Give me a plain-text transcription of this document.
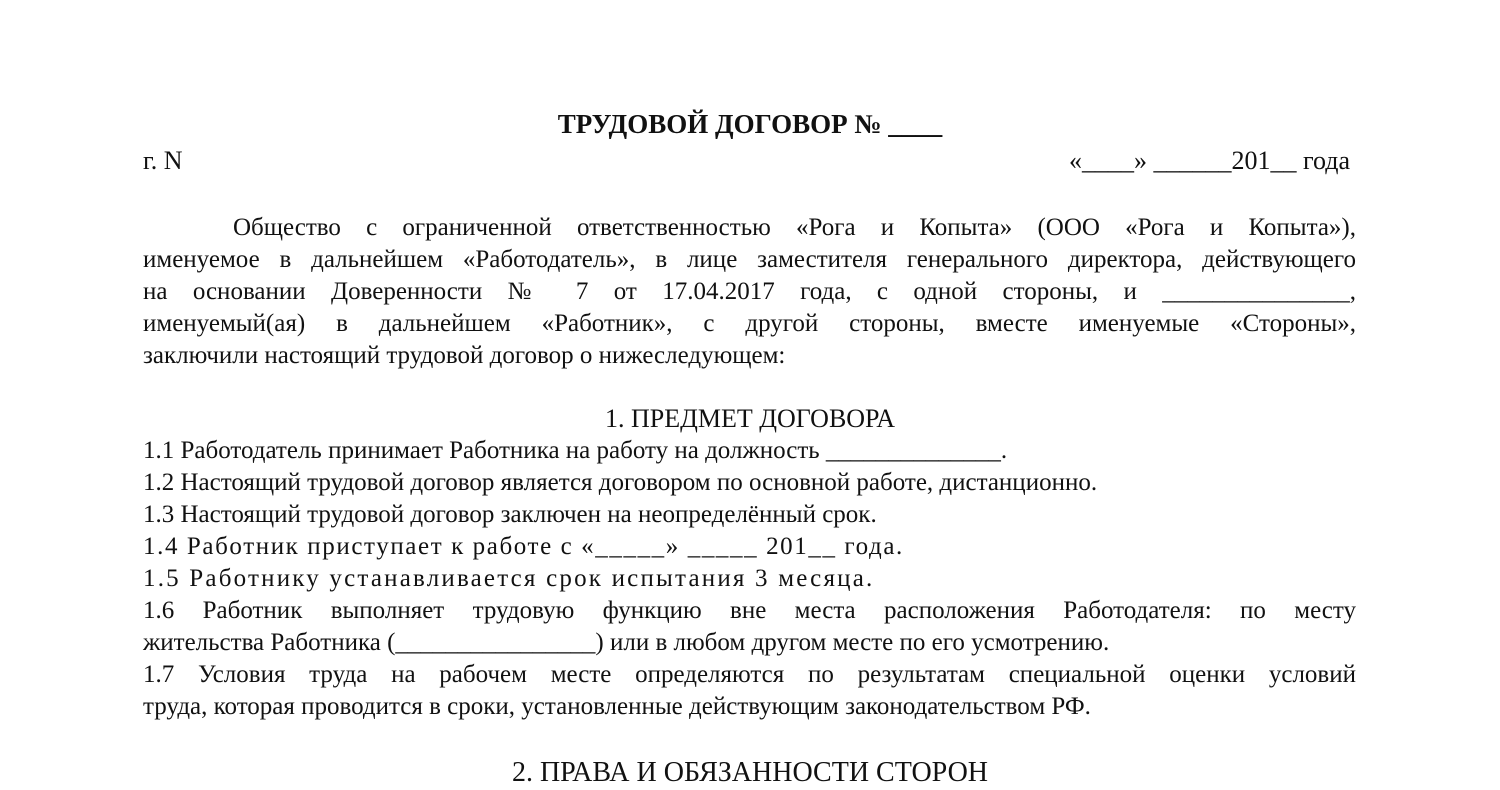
ТРУДОВОЙ ДОГОВОР № ____
г. N	«____» ______201__ года
Общество с ограниченной ответственностью «Рога и Копыта» (ООО «Рога и Копыта»),
именуемое в дальнейшем «Работодатель», в лице заместителя генерального директора, действующего
на основании Доверенности № 7 от 17.04.2017 года, с одной стороны, и _______________,
именуемый(ая) в дальнейшем «Работник», с другой стороны, вместе именуемые «Стороны»,
заключили настоящий трудовой договор о нижеследующем:
1. ПРЕДМЕТ ДОГОВОРА
1.1 Работодатель принимает Работника на работу на должность ______________.
1.2 Настоящий трудовой договор является договором по основной работе, дистанционно.
1.3 Настоящий трудовой договор заключен на неопределённый срок.
1.4 Работник приступает к работе с «_____» _____ 201__ года.
1.5 Работнику устанавливается срок испытания 3 месяца.
1.6 Работник выполняет трудовую функцию вне места расположения Работодателя: по месту
жительства Работника (________________) или в любом другом месте по его усмотрению.
1.7 Условия труда на рабочем месте определяются по результатам специальной оценки условий
труда, которая проводится в сроки, установленные действующим законодательством РФ.
2. ПРАВА И ОБЯЗАННОСТИ СТОРОН
